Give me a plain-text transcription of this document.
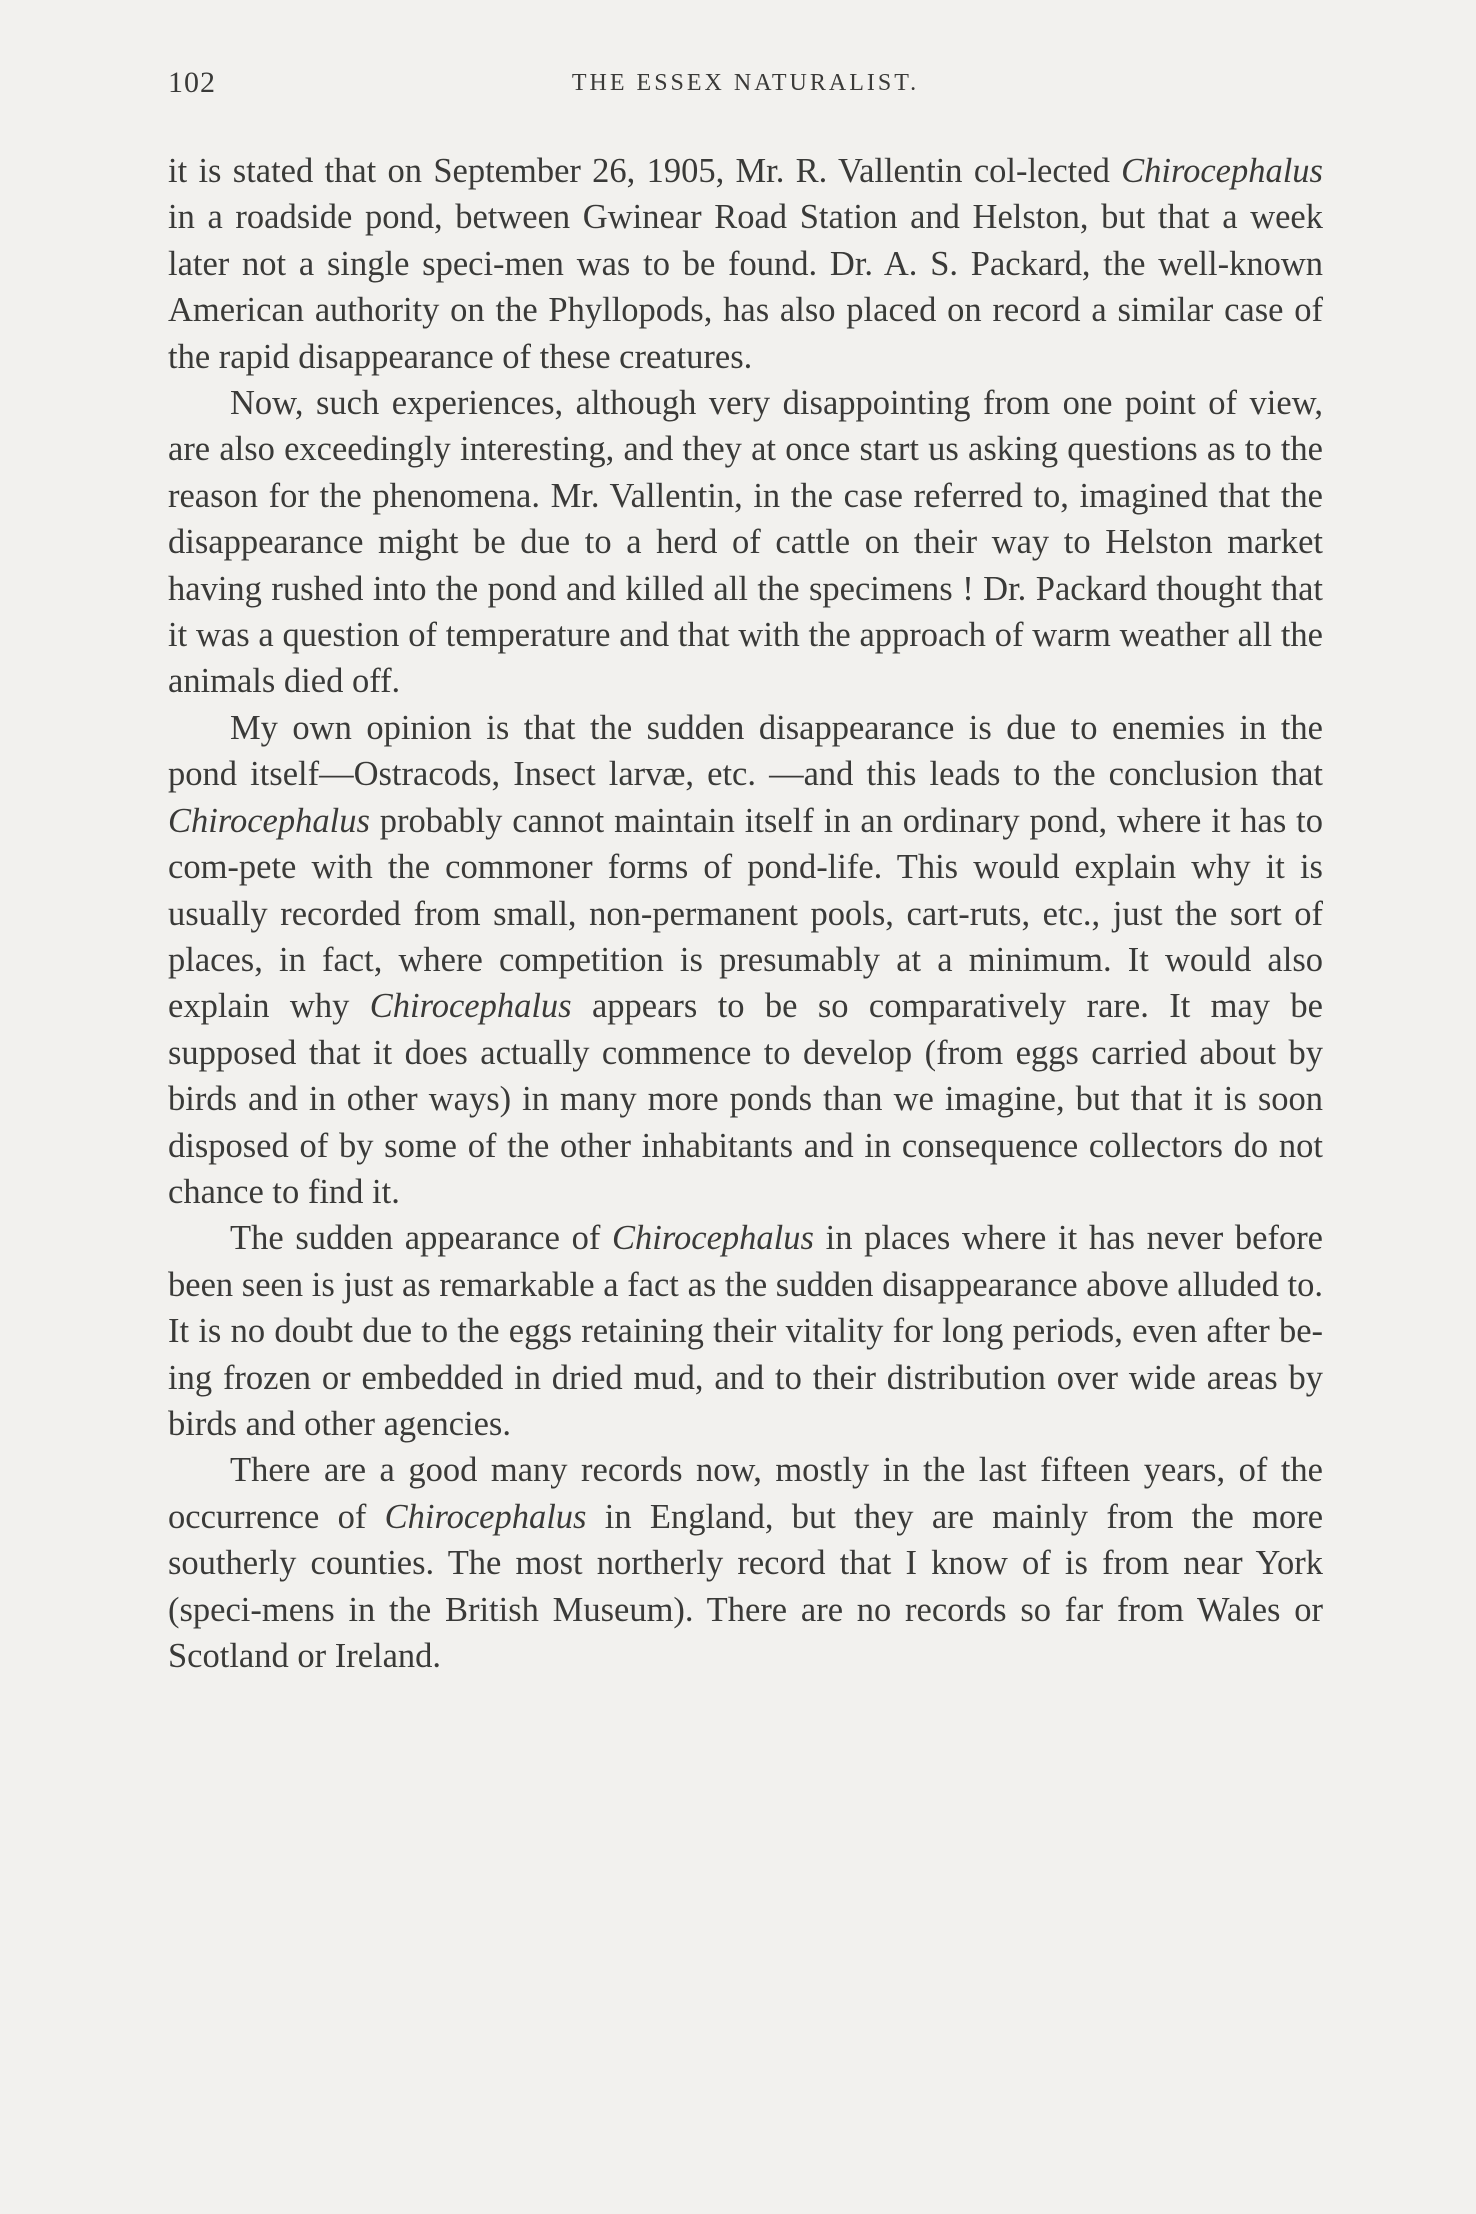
102	THE ESSEX NATURALIST.

it is stated that on September 26, 1905, Mr. R. Vallentin col-lected Chirocephalus in a roadside pond, between Gwinear Road Station and Helston, but that a week later not a single speci-men was to be found. Dr. A. S. Packard, the well-known American authority on the Phyllopods, has also placed on record a similar case of the rapid disappearance of these creatures.

Now, such experiences, although very disappointing from one point of view, are also exceedingly interesting, and they at once start us asking questions as to the reason for the phenomena. Mr. Vallentin, in the case referred to, imagined that the disappearance might be due to a herd of cattle on their way to Helston market having rushed into the pond and killed all the specimens ! Dr. Packard thought that it was a question of temperature and that with the approach of warm weather all the animals died off.

My own opinion is that the sudden disappearance is due to enemies in the pond itself—Ostracods, Insect larvæ, etc. —and this leads to the conclusion that Chirocephalus probably cannot maintain itself in an ordinary pond, where it has to com-pete with the commoner forms of pond-life. This would explain why it is usually recorded from small, non-permanent pools, cart-ruts, etc., just the sort of places, in fact, where competition is presumably at a minimum. It would also explain why Chirocephalus appears to be so comparatively rare. It may be supposed that it does actually commence to develop (from eggs carried about by birds and in other ways) in many more ponds than we imagine, but that it is soon disposed of by some of the other inhabitants and in consequence collectors do not chance to find it.

The sudden appearance of Chirocephalus in places where it has never before been seen is just as remarkable a fact as the sudden disappearance above alluded to. It is no doubt due to the eggs retaining their vitality for long periods, even after be-ing frozen or embedded in dried mud, and to their distribution over wide areas by birds and other agencies.

There are a good many records now, mostly in the last fifteen years, of the occurrence of Chirocephalus in England, but they are mainly from the more southerly counties. The most northerly record that I know of is from near York (speci-mens in the British Museum). There are no records so far from Wales or Scotland or Ireland.
